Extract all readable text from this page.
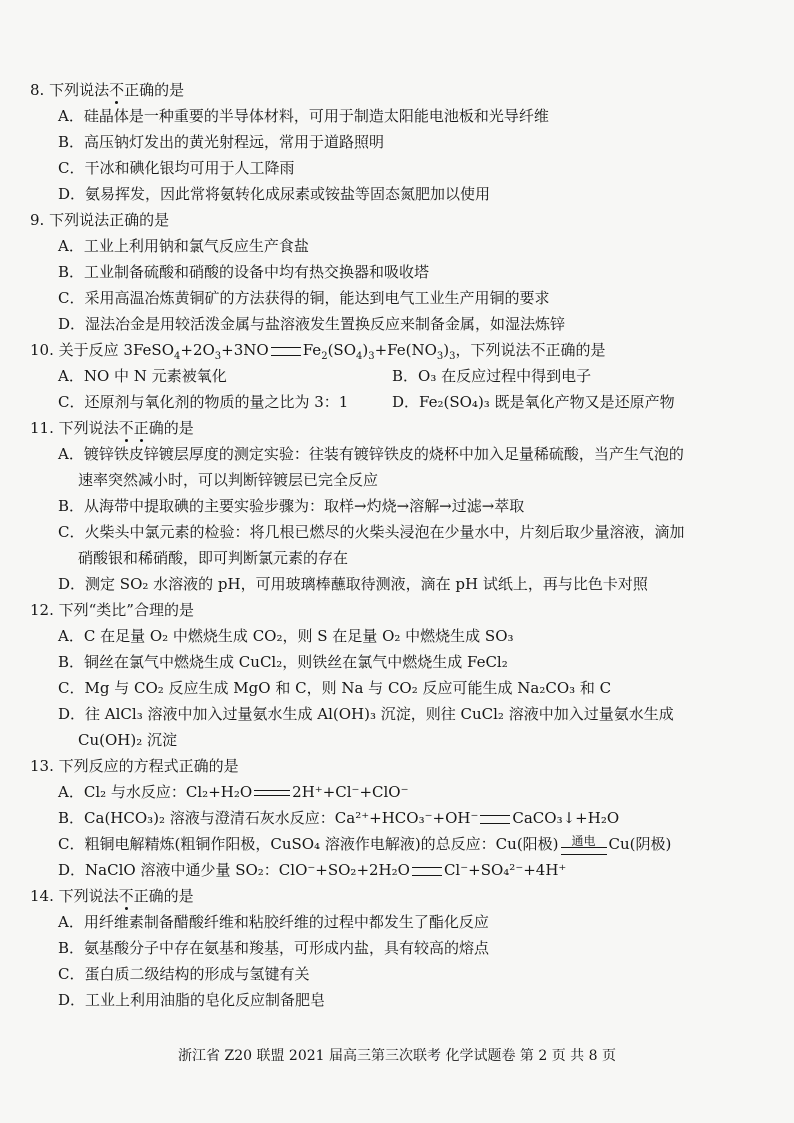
8. 下列说法不正确的是
A．硅晶体是一种重要的半导体材料，可用于制造太阳能电池板和光导纤维
B．高压钠灯发出的黄光射程远，常用于道路照明
C．干冰和碘化银均可用于人工降雨
D．氨易挥发，因此常将氨转化成尿素或铵盐等固态氮肥加以使用
9. 下列说法正确的是
A．工业上利用钠和氯气反应生产食盐
B．工业制备硫酸和硝酸的设备中均有热交换器和吸收塔
C．采用高温冶炼黄铜矿的方法获得的铜，能达到电气工业生产用铜的要求
D．湿法冶金是用较活泼金属与盐溶液发生置换反应来制备金属，如湿法炼锌
10. 关于反应 $3FeSO_4+2O_3+3NO$ $Fe_2(SO_4)_3+Fe(NO_3)_3$，下列说法不正确的是
A．NO 中 N 元素被氧化	B．O₃ 在反应过程中得到电子
C．还原剂与氧化剂的物质的量之比为 3：1	D．Fe₂(SO₄)₃ 既是氧化产物又是还原产物
11. 下列说法不正确的是
A．镀锌铁皮锌镀层厚度的测定实验：往装有镀锌铁皮的烧杯中加入足量稀硫酸，当产生气泡的
速率突然减小时，可以判断锌镀层已完全反应
B．从海带中提取碘的主要实验步骤为：取样→灼烧→溶解→过滤→萃取
C．火柴头中氯元素的检验：将几根已燃尽的火柴头浸泡在少量水中，片刻后取少量溶液，滴加
硝酸银和稀硝酸，即可判断氯元素的存在
D．测定 SO₂ 水溶液的 pH，可用玻璃棒蘸取待测液，滴在 pH 试纸上，再与比色卡对照
12. 下列“类比”合理的是
A．C 在足量 O₂ 中燃烧生成 CO₂，则 S 在足量 O₂ 中燃烧生成 SO₃
B．铜丝在氯气中燃烧生成 CuCl₂，则铁丝在氯气中燃烧生成 FeCl₂
C．Mg 与 CO₂ 反应生成 MgO 和 C，则 Na 与 CO₂ 反应可能生成 Na₂CO₃ 和 C
D．往 AlCl₃ 溶液中加入过量氨水生成 Al(OH)₃ 沉淀，则往 CuCl₂ 溶液中加入过量氨水生成
Cu(OH)₂ 沉淀
13. 下列反应的方程式正确的是
A．Cl₂ 与水反应：Cl₂+H₂O	2H⁺+Cl⁻+ClO⁻
B．Ca(HCO₃)₂ 溶液与澄清石灰水反应：Ca²⁺+HCO₃⁻+OH⁻ CaCO₃↓+H₂O
C．粗铜电解精炼(粗铜作阳极，CuSO₄ 溶液作电解液)的总反应：Cu(阳极)	通电 Cu(阴极)
D．NaClO 溶液中通少量 SO₂：ClO⁻+SO₂+2H₂O Cl⁻+SO₄²⁻+4H⁺
14. 下列说法不正确的是
A．用纤维素制备醋酸纤维和粘胶纤维的过程中都发生了酯化反应
B．氨基酸分子中存在氨基和羧基，可形成内盐，具有较高的熔点
C．蛋白质二级结构的形成与氢键有关
D．工业上利用油脂的皂化反应制备肥皂
浙江省 Z20 联盟 2021 届高三第三次联考 化学试题卷 第 2 页 共 8 页
